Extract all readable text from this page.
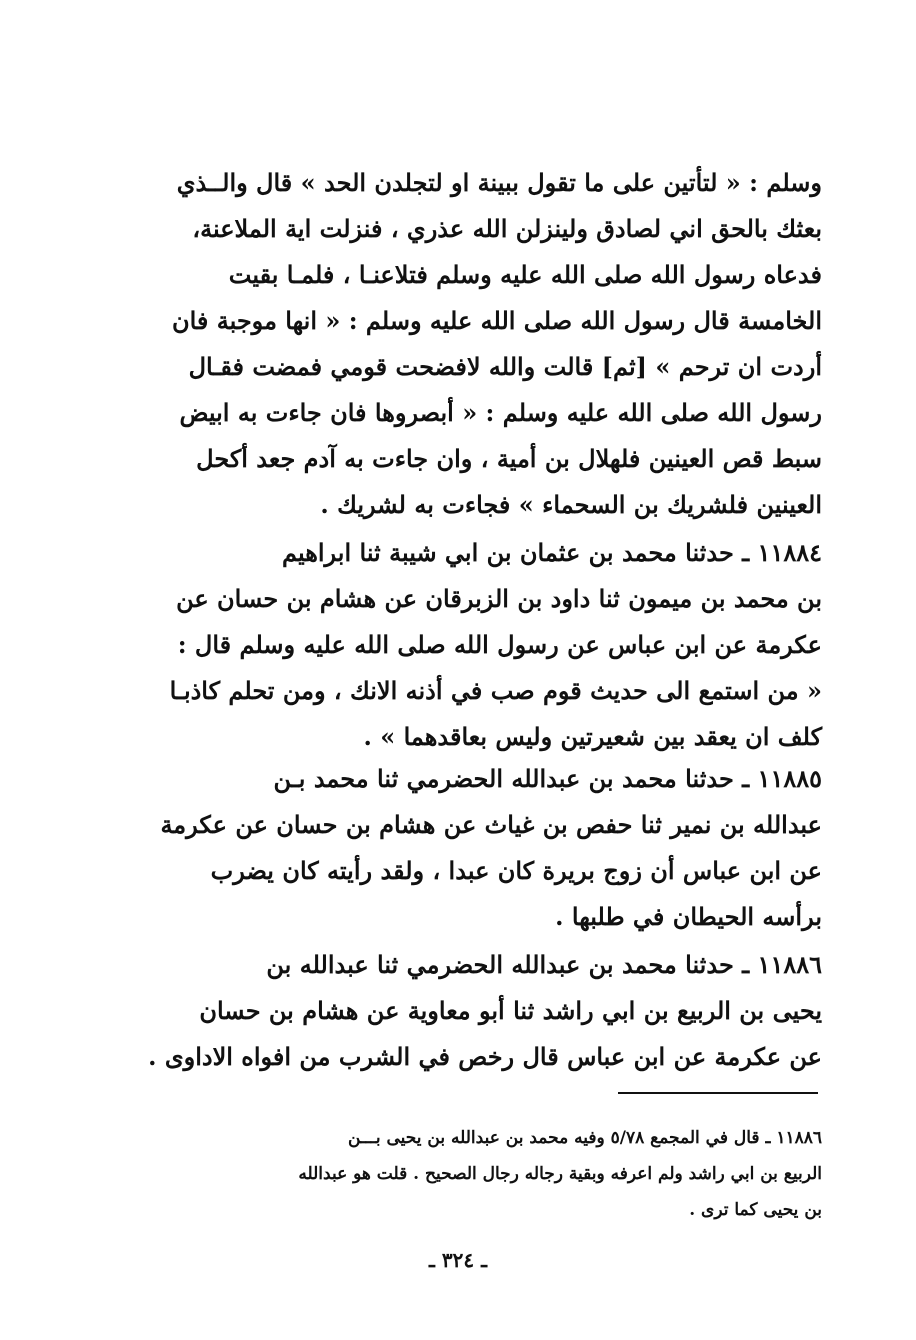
وسلم : « لتأتين على ما تقول ببينة او لتجلدن الحد » قال والــذي

بعثك بالحق اني لصادق ولينزلن الله عذري ، فنزلت اية الملاعنة،

فدعاه رسول الله صلى الله عليه وسلم فتلاعنـا ، فلمـا بقيت

الخامسة قال رسول الله صلى الله عليه وسلم : « انها موجبة فان

أردت ان ترحم » [ثم] قالت والله لافضحت قومي فمضت فقـال

رسول الله صلى الله عليه وسلم : « أبصروها فان جاءت به ابيض

سبط قص العينين فلهلال بن أمية ، وان جاءت به آدم جعد أكحل

العينين فلشريك بن السحماء » فجاءت به لشريك .

١١٨٨٤ ـ حدثنا محمد بن عثمان بن ابي شيبة ثنا ابراهيم

بن محمد بن ميمون ثنا داود بن الزبرقان عن هشام بن حسان عن

عكرمة عن ابن عباس عن رسول الله صلى الله عليه وسلم قال :

« من استمع الى حديث قوم صب في أذنه الانك ، ومن تحلم كاذبـا

كلف ان يعقد بين شعيرتين وليس بعاقدهما » .

١١٨٨٥ ـ حدثنا محمد بن عبدالله الحضرمي ثنا محمد بـن

عبدالله بن نمير ثنا حفص بن غياث عن هشام بن حسان عن عكرمة

عن ابن عباس أن زوج بريرة كان عبدا ، ولقد رأيته كان يضرب

برأسه الحيطان في طلبها .

١١٨٨٦ ـ حدثنا محمد بن عبدالله الحضرمي ثنا عبدالله بن

يحيى بن الربيع بن ابي راشد ثنا أبو معاوية عن هشام بن حسان

عن عكرمة عن ابن عباس قال رخص في الشرب من افواه الاداوى .

١١٨٨٦ ـ قال في المجمع ٥/٧٨ وفيه محمد بن عبدالله بن يحيى بـــن

الربيع بن ابي راشد ولم اعرفه وبقية رجاله رجال الصحيح . قلت هو عبدالله

بن يحيى كما ترى .

ـ ٣٢٤ ـ
